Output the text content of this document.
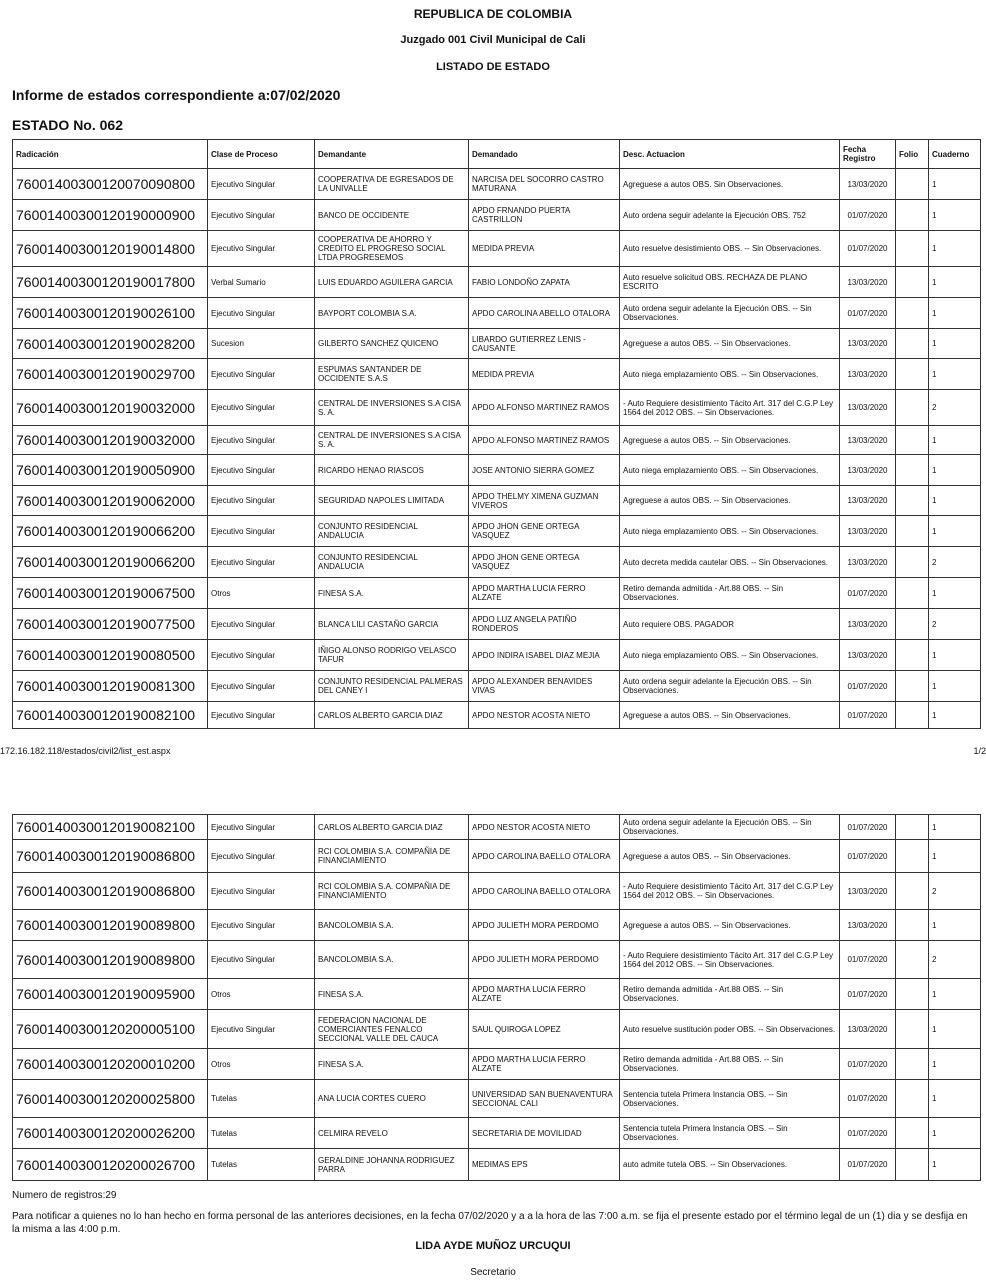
REPUBLICA DE COLOMBIA
Juzgado 001 Civil Municipal de Cali
LISTADO DE ESTADO
Informe de estados correspondiente a:07/02/2020
ESTADO No. 062
Radicación	Clase de Proceso	Demandante	Demandado	Desc. Actuacion	Fecha Registro	Folio	Cuaderno
76001400300120070090800	Ejecutivo Singular	COOPERATIVA DE EGRESADOS DE LA UNIVALLE	NARCISA DEL SOCORRO CASTRO MATURANA	Agreguese a autos OBS. Sin Observaciones.	13/03/2020		1
76001400300120190000900	Ejecutivo Singular	BANCO DE OCCIDENTE	APDO FRNANDO PUERTA CASTRILLON	Auto ordena seguir adelante la Ejecución OBS. 752	01/07/2020		1
76001400300120190014800	Ejecutivo Singular	COOPERATIVA DE AHORRO Y CREDITO EL PROGRESO SOCIAL LTDA PROGRESEMOS	MEDIDA PREVIA	Auto resuelve desistimiento OBS. -- Sin Observaciones.	01/07/2020		1
76001400300120190017800	Verbal Sumario	LUIS EDUARDO AGUILERA GARCIA	FABIO LONDOÑO ZAPATA	Auto resuelve solicitud OBS. RECHAZA DE PLANO ESCRITO	13/03/2020		1
76001400300120190026100	Ejecutivo Singular	BAYPORT COLOMBIA S.A.	APDO CAROLINA ABELLO OTALORA	Auto ordena seguir adelante la Ejecución OBS. -- Sin Observaciones.	01/07/2020		1
76001400300120190028200	Sucesion	GILBERTO SANCHEZ QUICENO	LIBARDO GUTIERREZ LENIS - CAUSANTE	Agreguese a autos OBS. -- Sin Observaciones.	13/03/2020		1
76001400300120190029700	Ejecutivo Singular	ESPUMAS SANTANDER DE OCCIDENTE S.A.S	MEDIDA PREVIA	Auto niega emplazamiento OBS. -- Sin Observaciones.	13/03/2020		1
76001400300120190032000	Ejecutivo Singular	CENTRAL DE INVERSIONES S.A CISA S. A.	APDO ALFONSO MARTINEZ RAMOS	- Auto Requiere desistimiento Tácito Art. 317 del C.G.P Ley 1564 del 2012 OBS. -- Sin Observaciones.	13/03/2020		2
76001400300120190032000	Ejecutivo Singular	CENTRAL DE INVERSIONES S.A CISA S. A.	APDO ALFONSO MARTINEZ RAMOS	Agreguese a autos OBS. -- Sin Observaciones.	13/03/2020		1
76001400300120190050900	Ejecutivo Singular	RICARDO HENAO RIASCOS	JOSE ANTONIO SIERRA GOMEZ	Auto niega emplazamiento OBS. -- Sin Observaciones.	13/03/2020		1
76001400300120190062000	Ejecutivo Singular	SEGURIDAD NAPOLES LIMITADA	APDO THELMY XIMENA GUZMAN VIVEROS	Agreguese a autos OBS. -- Sin Observaciones.	13/03/2020		1
76001400300120190066200	Ejecutivo Singular	CONJUNTO RESIDENCIAL ANDALUCIA	APDO JHON GENE ORTEGA VASQUEZ	Auto niega emplazamiento OBS. -- Sin Observaciones.	13/03/2020		1
76001400300120190066200	Ejecutivo Singular	CONJUNTO RESIDENCIAL ANDALUCIA	APDO JHON GENE ORTEGA VASQUEZ	Auto decreta medida cautelar OBS. -- Sin Observaciones.	13/03/2020		2
76001400300120190067500	Otros	FINESA S.A.	APDO MARTHA LUCIA FERRO ALZATE	Retiro demanda admitida - Art.88 OBS. -- Sin Observaciones.	01/07/2020		1
76001400300120190077500	Ejecutivo Singular	BLANCA LILI CASTAÑO GARCIA	APDO LUZ ANGELA PATIÑO RONDEROS	Auto requiere OBS. PAGADOR	13/03/2020		2
76001400300120190080500	Ejecutivo Singular	IÑIGO ALONSO RODRIGO VELASCO TAFUR	APDO INDIRA ISABEL DIAZ MEJIA	Auto niega emplazamiento OBS. -- Sin Observaciones.	13/03/2020		1
76001400300120190081300	Ejecutivo Singular	CONJUNTO RESIDENCIAL PALMERAS DEL CANEY I	APDO ALEXANDER BENAVIDES VIVAS	Auto ordena seguir adelante la Ejecución OBS. -- Sin Observaciones.	01/07/2020		1
76001400300120190082100	Ejecutivo Singular	CARLOS ALBERTO GARCIA DIAZ	APDO NESTOR ACOSTA NIETO	Agreguese a autos OBS. -- Sin Observaciones.	01/07/2020		1
172.16.182.118/estados/civil2/list_est.aspx	1/2
76001400300120190082100	Ejecutivo Singular	CARLOS ALBERTO GARCIA DIAZ	APDO NESTOR ACOSTA NIETO	Auto ordena seguir adelante la Ejecución OBS. -- Sin Observaciones.	01/07/2020		1
76001400300120190086800	Ejecutivo Singular	RCI COLOMBIA S.A. COMPAÑIA DE FINANCIAMIENTO	APDO CAROLINA BAELLO OTALORA	Agreguese a autos OBS. -- Sin Observaciones.	01/07/2020		1
76001400300120190086800	Ejecutivo Singular	RCI COLOMBIA S.A. COMPAÑIA DE FINANCIAMIENTO	APDO CAROLINA BAELLO OTALORA	- Auto Requiere desistimiento Tácito Art. 317 del C.G.P Ley 1564 del 2012 OBS. -- Sin Observaciones.	13/03/2020		2
76001400300120190089800	Ejecutivo Singular	BANCOLOMBIA S.A.	APDO JULIETH MORA PERDOMO	Agreguese a autos OBS. -- Sin Observaciones.	13/03/2020		1
76001400300120190089800	Ejecutivo Singular	BANCOLOMBIA S.A.	APDO JULIETH MORA PERDOMO	- Auto Requiere desistimiento Tácito Art. 317 del C.G.P Ley 1564 del 2012 OBS. -- Sin Observaciones.	01/07/2020		2
76001400300120190095900	Otros	FINESA S.A.	APDO MARTHA LUCIA FERRO ALZATE	Retiro demanda admitida - Art.88 OBS. -- Sin Observaciones.	01/07/2020		1
76001400300120200005100	Ejecutivo Singular	FEDERACION NACIONAL DE COMERCIANTES FENALCO SECCIONAL VALLE DEL CAUCA	SAUL QUIROGA LOPEZ	Auto resuelve sustitución poder OBS. -- Sin Observaciones.	13/03/2020		1
76001400300120200010200	Otros	FINESA S.A.	APDO MARTHA LUCIA FERRO ALZATE	Retiro demanda admitida - Art.88 OBS. -- Sin Observaciones.	01/07/2020		1
76001400300120200025800	Tutelas	ANA LUCIA CORTES CUERO	UNIVERSIDAD SAN BUENAVENTURA SECCIONAL CALI	Sentencia tutela Primera Instancia OBS. -- Sin Observaciones.	01/07/2020		1
76001400300120200026200	Tutelas	CELMIRA REVELO	SECRETARIA DE MOVILIDAD	Sentencia tutela Primera Instancia OBS. -- Sin Observaciones.	01/07/2020		1
76001400300120200026700	Tutelas	GERALDINE JOHANNA RODRIGUEZ PARRA	MEDIMAS EPS	auto admite tutela OBS. -- Sin Observaciones.	01/07/2020		1
Numero de registros:29
Para notificar a quienes no lo han hecho en forma personal de las anteriores decisiones, en la fecha 07/02/2020 y a a la hora de las 7:00 a.m. se fija el presente estado por el término legal de un (1) dia y se desfija en la misma a las 4:00 p.m.
LIDA AYDE MUÑOZ URCUQUI
Secretario
